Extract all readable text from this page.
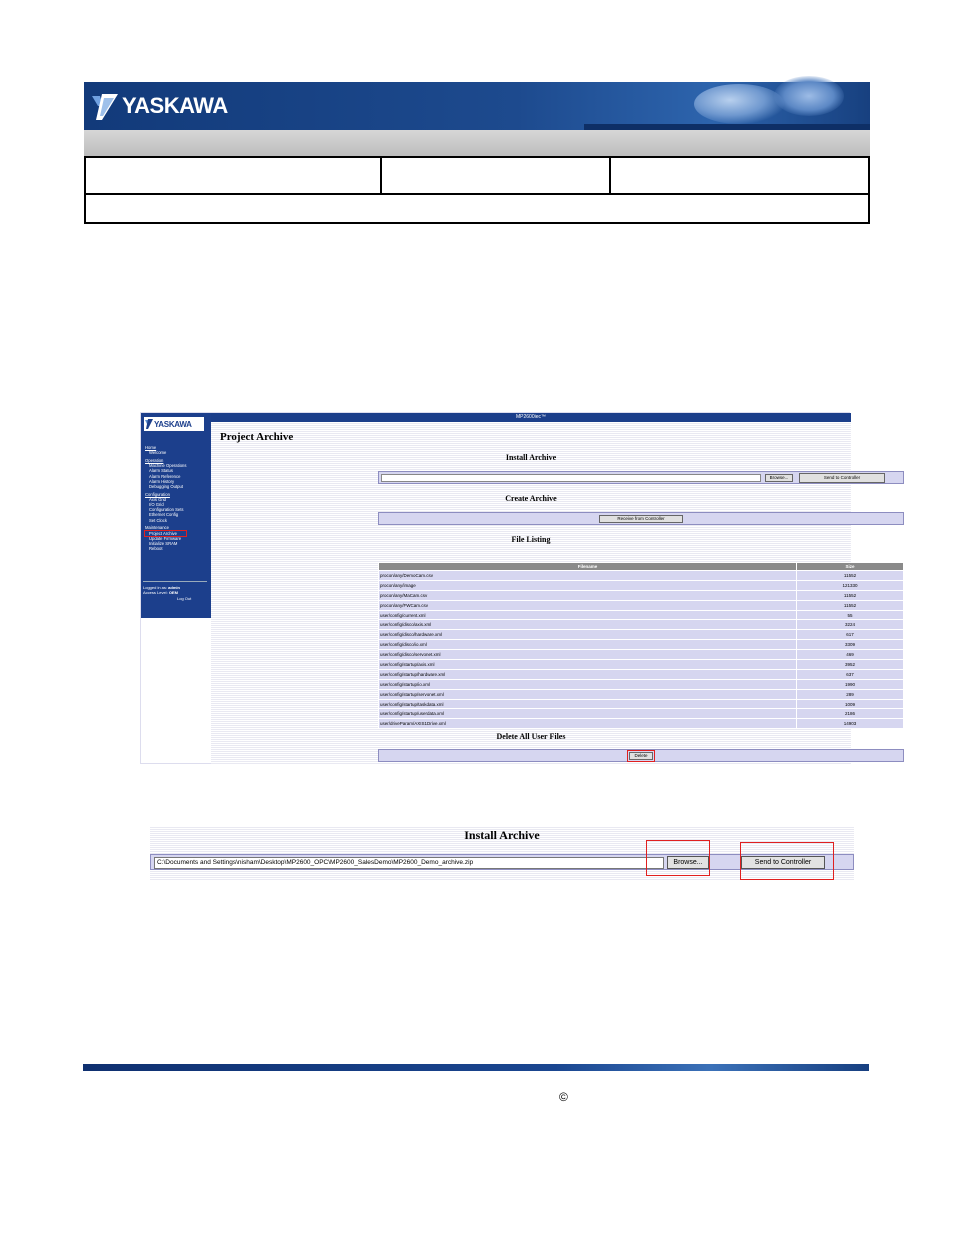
YASKAWA
YASKAWA
Home
Welcome
Operation
Machine Operations
Alarm Status
Alarm Reference
Alarm History
Debugging Output
Configuration
Axis Grid
I/O Grid
Configuration Sets
Ethernet Config
Set Clock
Maintenance
Project Archive
Update Firmware
Initialize SRAM
Reboot
Logged in as: admin
Access Level: OEM
Log Out
MP2600iec™
Project Archive
Install Archive
Browse...	Send to Controller
Create Archive
Receive from Controller
File Listing
Filename	Size
procon/any/DemoCam.csv	11552
procon/any/image	121330
procon/any/MaCam.csv	11552
procon/any/FWCam.csv	11552
user/config/current.xml	55
user/config/disco/axis.xml	3224
user/config/disco/hardware.xml	617
user/config/disco/io.xml	3309
user/config/disco/servonet.xml	469
user/config/startup/axis.xml	3952
user/config/startup/hardware.xml	637
user/config/startup/io.xml	1990
user/config/startup/servonet.xml	289
user/config/startup/taskdata.xml	1009
user/config/startup/userdata.xml	2186
user/driveParam/AXIS1Drive.xml	14903
Delete All User Files
Delete
Install Archive
C:\Documents and Settings\nisham\Desktop\MP2600_OPC\MP2600_SalesDemo\MP2600_Demo_archive.zip	Browse...	Send to Controller
©
